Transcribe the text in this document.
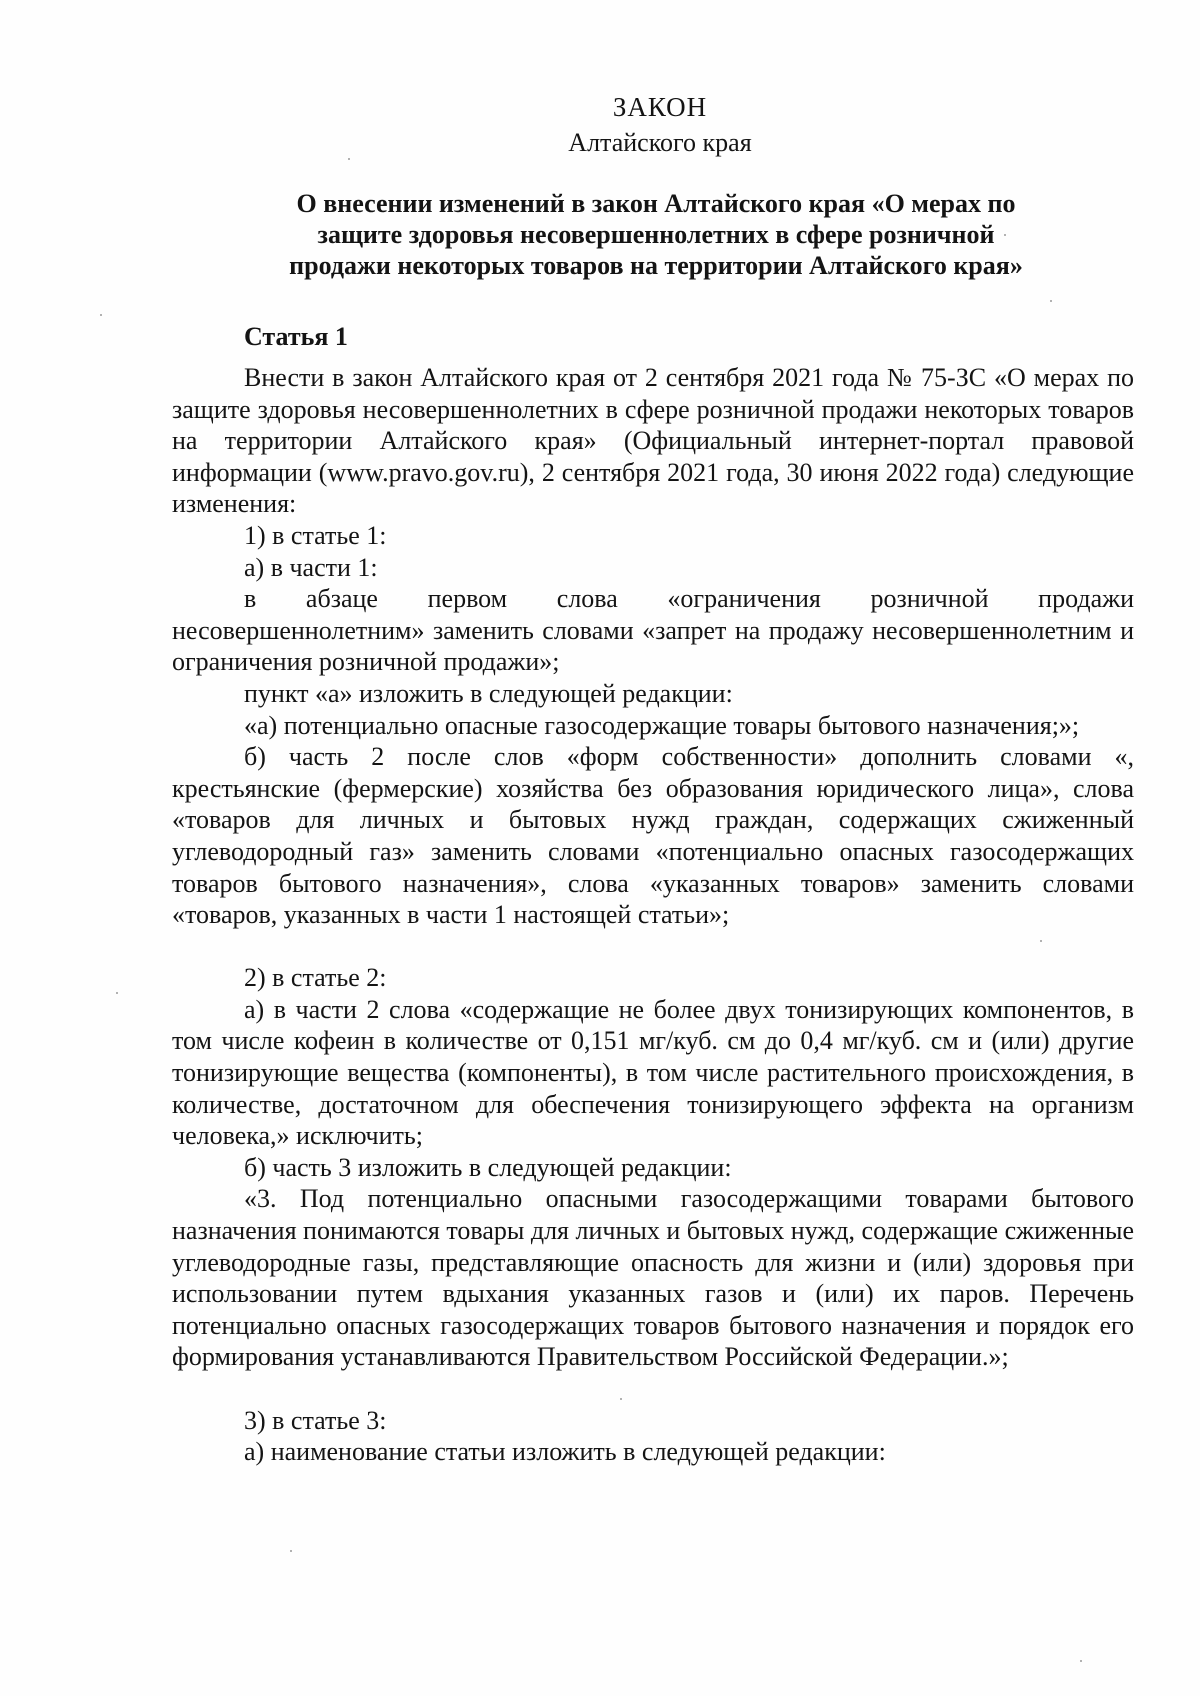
ЗАКОН
Алтайского края
О внесении изменений в закон Алтайского края «О мерах по
защите здоровья несовершеннолетних в сфере розничной
продажи некоторых товаров на территории Алтайского края»
Статья 1

Внести в закон Алтайского края от 2 сентября 2021 года № 75-ЗС «О мерах по защите здоровья несовершеннолетних в сфере розничной продажи некоторых товаров на территории Алтайского края» (Официальный интернет-портал правовой информации (www.pravo.gov.ru), 2 сентября 2021 года, 30 июня 2022 года) следующие изменения:

1) в статье 1:

а) в части 1:

в абзаце первом слова «ограничения розничной продажи несовершеннолетним» заменить словами «запрет на продажу несовершеннолетним и ограничения розничной продажи»;

пункт «а» изложить в следующей редакции:

«а) потенциально опасные газосодержащие товары бытового назначения;»;

б) часть 2 после слов «форм собственности» дополнить словами «, крестьянские (фермерские) хозяйства без образования юридического лица», слова «товаров для личных и бытовых нужд граждан, содержащих сжиженный углеводородный газ» заменить словами «потенциально опасных газосодержащих товаров бытового назначения», слова «указанных товаров» заменить словами «товаров, указанных в части 1 настоящей статьи»;

2) в статье 2:

а) в части 2 слова «содержащие не более двух тонизирующих компонентов, в том числе кофеин в количестве от 0,151 мг/куб. см до 0,4 мг/куб. см и (или) другие тонизирующие вещества (компоненты), в том числе растительного происхождения, в количестве, достаточном для обеспечения тонизирующего эффекта на организм человека,» исключить;

б) часть 3 изложить в следующей редакции:

«3. Под потенциально опасными газосодержащими товарами бытового назначения понимаются товары для личных и бытовых нужд, содержащие сжиженные углеводородные газы, представляющие опасность для жизни и (или) здоровья при использовании путем вдыхания указанных газов и (или) их паров. Перечень потенциально опасных газосодержащих товаров бытового назначения и порядок его формирования устанавливаются Правительством Российской Федерации.»;

3) в статье 3:

а) наименование статьи изложить в следующей редакции:
